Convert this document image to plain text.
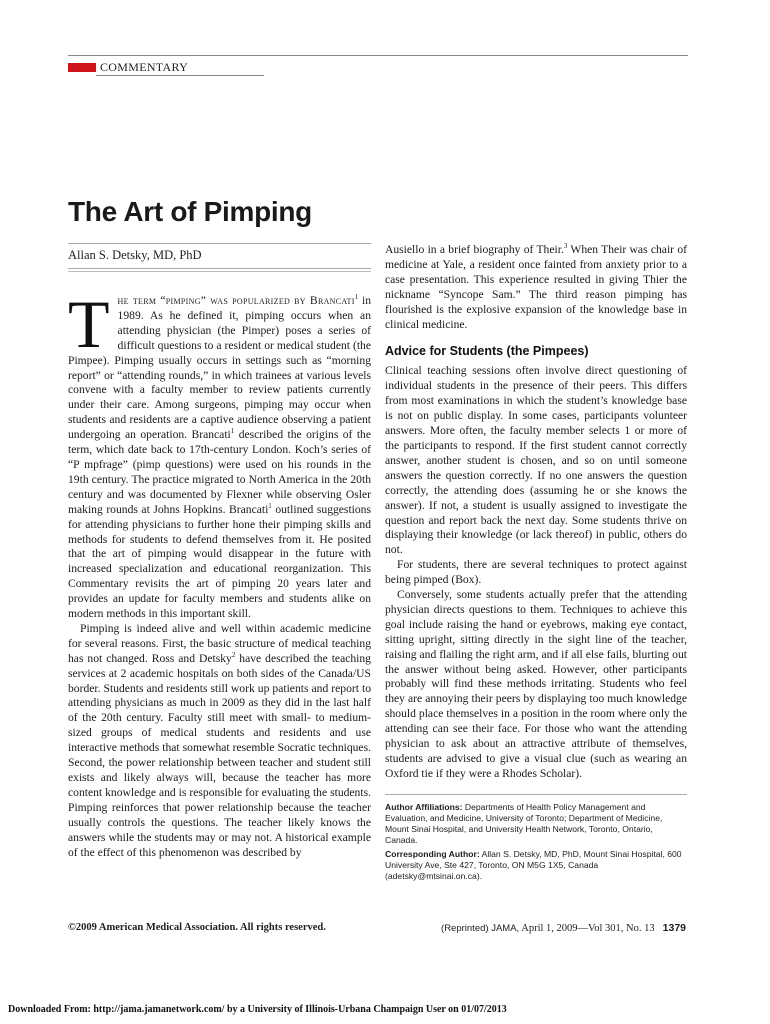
COMMENTARY
The Art of Pimping
Allan S. Detsky, MD, PhD

The term “pimping” was popularized by Brancati$^1$ in 1989. As he defined it, pimping occurs when an attending physician (the Pimper) poses a series of difficult questions to a resident or medical student (the Pimpee). Pimping usually occurs in settings such as “morning report” or “attending rounds,” in which trainees at various levels convene with a faculty member to review patients currently under their care. Among surgeons, pimping may occur when students and residents are a captive audience observing a patient undergoing an operation. Brancati$^1$ described the origins of the term, which date back to 17th-century London. Koch’s series of “P mpfrage” (pimp questions) were used on his rounds in the 19th century. The practice migrated to North America in the 20th century and was documented by Flexner while observing Osler making rounds at Johns Hopkins. Brancati$^1$ outlined suggestions for attending physicians to further hone their pimping skills and methods for students to defend themselves from it. He posited that the art of pimping would disappear in the future with increased specialization and educational reorganization. This Commentary revisits the art of pimping 20 years later and provides an update for faculty members and students alike on modern methods in this important skill.

Pimping is indeed alive and well within academic medicine for several reasons. First, the basic structure of medical teaching has not changed. Ross and Detsky$^2$ have described the teaching services at 2 academic hospitals on both sides of the Canada/US border. Students and residents still work up patients and report to attending physicians as much in 2009 as they did in the last half of the 20th century. Faculty still meet with small- to medium-sized groups of medical students and residents and use interactive methods that somewhat resemble Socratic techniques. Second, the power relationship between teacher and student still exists and likely always will, because the teacher has more content knowledge and is responsible for evaluating the students. Pimping reinforces that power relationship because the teacher usually controls the questions. The teacher likely knows the answers while the students may or may not. A historical example of the effect of this phenomenon was described by

Ausiello in a brief biography of Their.$^3$ When Their was chair of medicine at Yale, a resident once fainted from anxiety prior to a case presentation. This experience resulted in giving Thier the nickname “Syncope Sam.” The third reason pimping has flourished is the explosive expansion of the knowledge base in clinical medicine.

Advice for Students (the Pimpees)

Clinical teaching sessions often involve direct questioning of individual students in the presence of their peers. This differs from most examinations in which the student’s knowledge base is not on public display. In some cases, participants volunteer answers. More often, the faculty member selects 1 or more of the participants to respond. If the first student cannot correctly answer, another student is chosen, and so on until someone answers the question correctly. If no one answers the question correctly, the attending does (assuming he or she knows the answer). If not, a student is usually assigned to investigate the question and report back the next day. Some students thrive on displaying their knowledge (or lack thereof) in public, others do not.

For students, there are several techniques to protect against being pimped (Box).

Conversely, some students actually prefer that the attending physician directs questions to them. Techniques to achieve this goal include raising the hand or eyebrows, making eye contact, sitting upright, sitting directly in the sight line of the teacher, raising and flailing the right arm, and if all else fails, blurting out the answer without being asked. However, other participants probably will find these methods irritating. Students who feel they are annoying their peers by displaying too much knowledge should place themselves in a position in the room where only the attending can see their face. For those who want the attending physician to ask about an attractive attribute of themselves, students are advised to give a visual clue (such as wearing an Oxford tie if they were a Rhodes Scholar).

Author Affiliations: Departments of Health Policy Management and Evaluation, and Medicine, University of Toronto; Department of Medicine, Mount Sinai Hospital, and University Health Network, Toronto, Ontario, Canada.

Corresponding Author: Allan S. Detsky, MD, PhD, Mount Sinai Hospital, 600 University Ave, Ste 427, Toronto, ON M5G 1X5, Canada (adetsky@mtsinai.on.ca).

©2009 American Medical Association. All rights reserved.	(Reprinted) JAMA, April 1, 2009—Vol 301, No. 13 1379
Downloaded From: http://jama.jamanetwork.com/ by a University of Illinois-Urbana Champaign User on 01/07/2013
